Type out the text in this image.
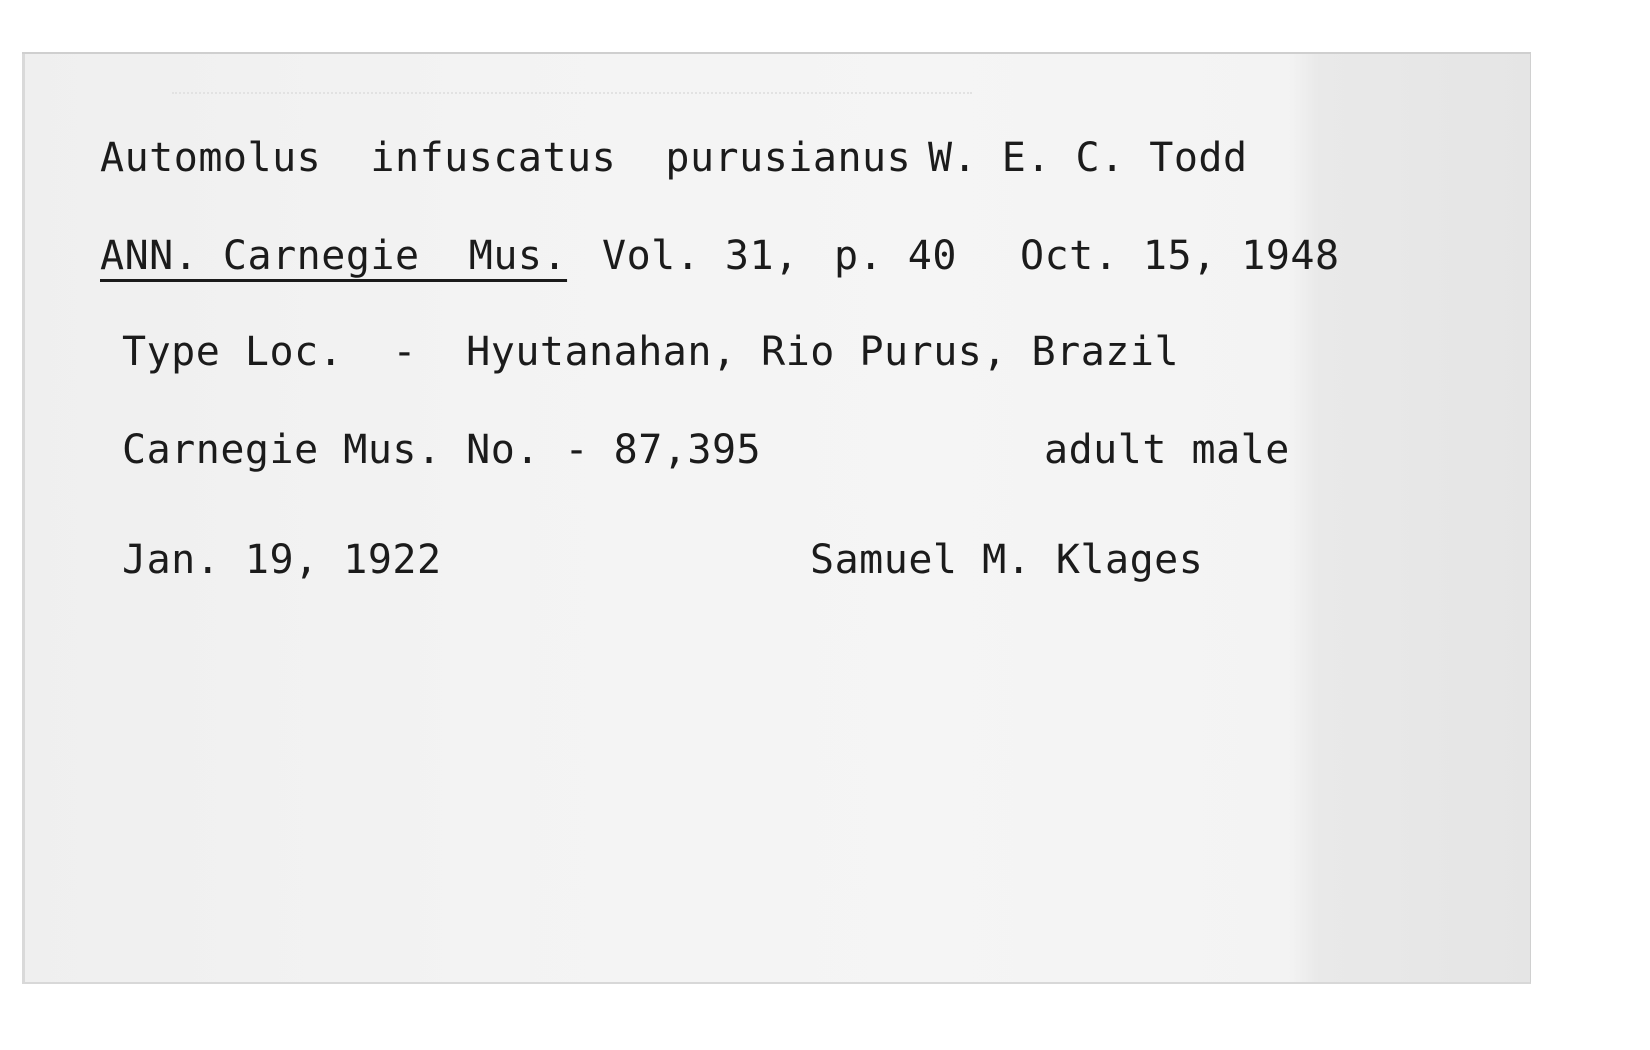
Automolus  infuscatus  purusianus W. E. C. Todd
ANN. Carnegie  Mus. Vol. 31, p. 40 Oct. 15, 1948
Type Loc.  -  Hyutanahan, Rio Purus, Brazil
Carnegie Mus. No. - 87,395	adult male
Jan. 19, 1922	Samuel M. Klages
